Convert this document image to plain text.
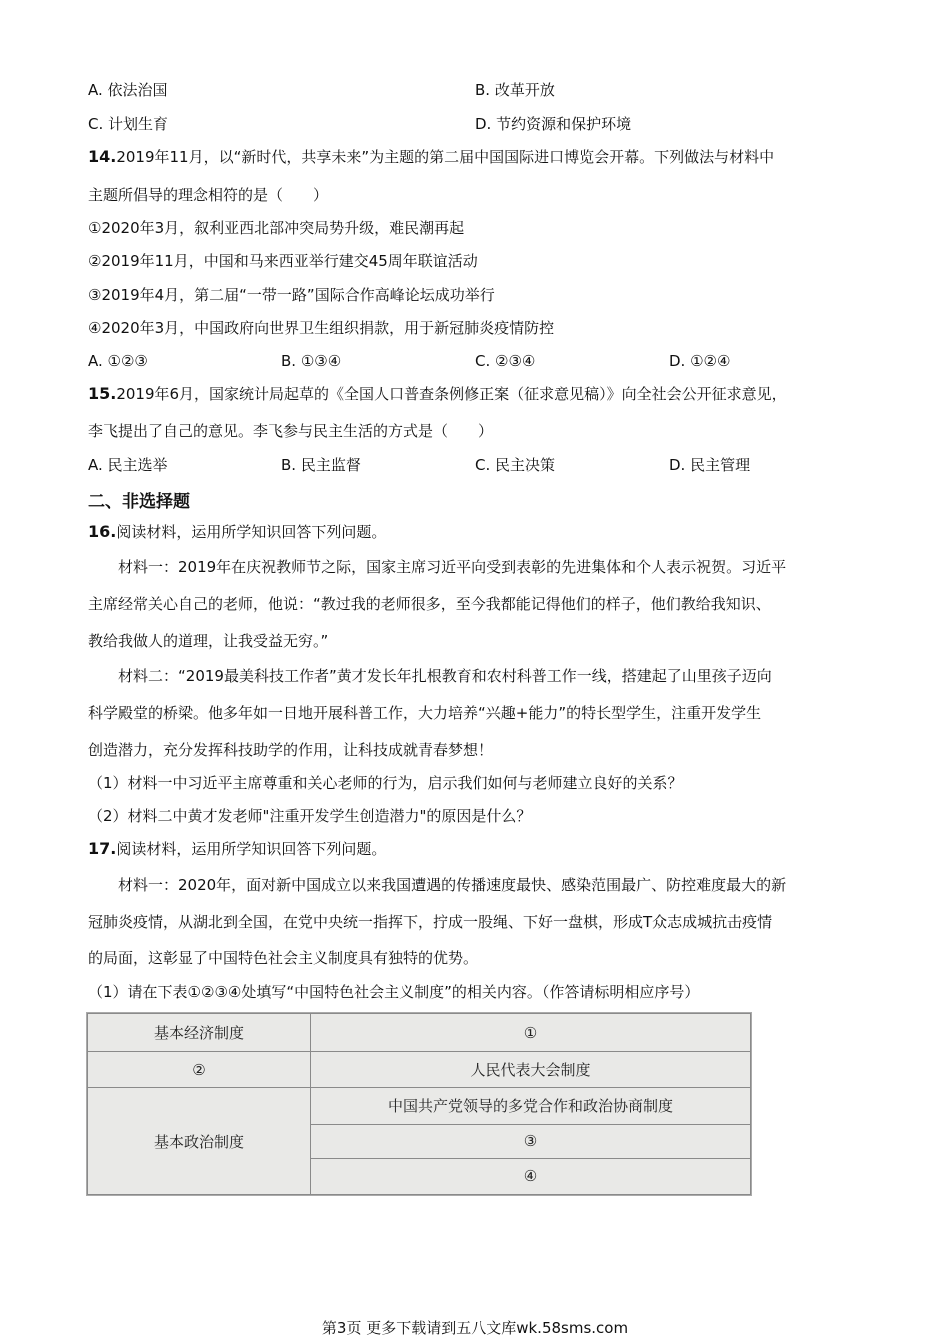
A. 依法治国	B. 改革开放
C. 计划生育	D. 节约资源和保护环境
14.2019年11月，以“新时代，共享未来”为主题的第二届中国国际进口博览会开幕。下列做法与材料中
主题所倡导的理念相符的是（　　）
①2020年3月，叙利亚西北部冲突局势升级，难民潮再起
②2019年11月，中国和马来西亚举行建交45周年联谊活动
③2019年4月，第二届“一带一路”国际合作高峰论坛成功举行
④2020年3月，中国政府向世界卫生组织捐款，用于新冠肺炎疫情防控
A. ①②③	B. ①③④	C. ②③④	D. ①②④
15.2019年6月，国家统计局起草的《全国人口普查条例修正案（征求意见稿）》向全社会公开征求意见，
李飞提出了自己的意见。李飞参与民主生活的方式是（　　）
A. 民主选举	B. 民主监督	C. 民主决策	D. 民主管理
二、非选择题
16.阅读材料，运用所学知识回答下列问题。
材料一：2019年在庆祝教师节之际，国家主席习近平向受到表彰的先进集体和个人表示祝贺。习近平
主席经常关心自己的老师，他说：“教过我的老师很多，至今我都能记得他们的样子，他们教给我知识、
教给我做人的道理，让我受益无穷。”
材料二：“2019最美科技工作者”黄才发长年扎根教育和农村科普工作一线，搭建起了山里孩子迈向
科学殿堂的桥梁。他多年如一日地开展科普工作，大力培养“兴趣+能力”的特长型学生，注重开发学生
创造潜力，充分发挥科技助学的作用，让科技成就青春梦想！
（1）材料一中习近平主席尊重和关心老师的行为，启示我们如何与老师建立良好的关系？
（2）材料二中黄才发老师"注重开发学生创造潜力"的原因是什么？
17.阅读材料，运用所学知识回答下列问题。
材料一：2020年，面对新中国成立以来我国遭遇的传播速度最快、感染范围最广、防控难度最大的新
冠肺炎疫情，从湖北到全国，在党中央统一指挥下，拧成一股绳、下好一盘棋，形成T众志成城抗击疫情
的局面，这彰显了中国特色社会主义制度具有独特的优势。
（1）请在下表①②③④处填写“中国特色社会主义制度”的相关内容。（作答请标明相应序号）
基本经济制度	①
②	人民代表大会制度
基本政治制度	中国共产党领导的多党合作和政治协商制度
	③
	④
第3页 更多下载请到五八文库wk.58sms.com
